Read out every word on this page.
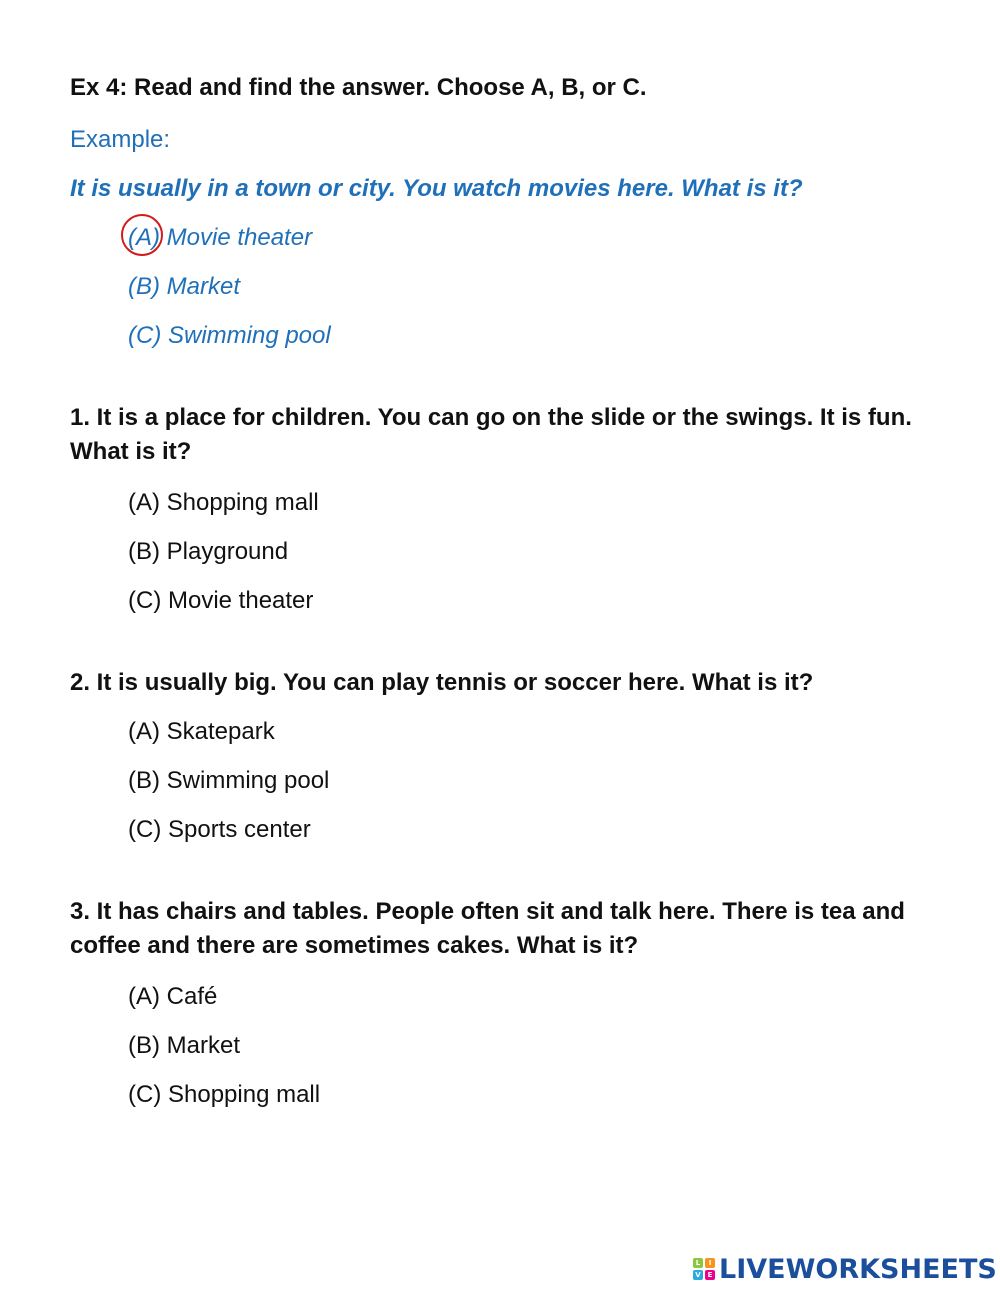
Ex 4: Read and find the answer. Choose A, B, or C.
Example:
It is usually in a town or city. You watch movies here. What is it?
(A) Movie theater
(B) Market
(C) Swimming pool
1. It is a place for children. You can go on the slide or the swings. It is fun. What is it?
(A) Shopping mall
(B) Playground
(C) Movie theater
2. It is usually big. You can play tennis or soccer here. What is it?
(A) Skatepark
(B) Swimming pool
(C) Sports center
3. It has chairs and tables. People often sit and talk here. There is tea and coffee and there are sometimes cakes. What is it?
(A) Café
(B) Market
(C) Shopping mall
L	I
V E LIVEWORKSHEETS
